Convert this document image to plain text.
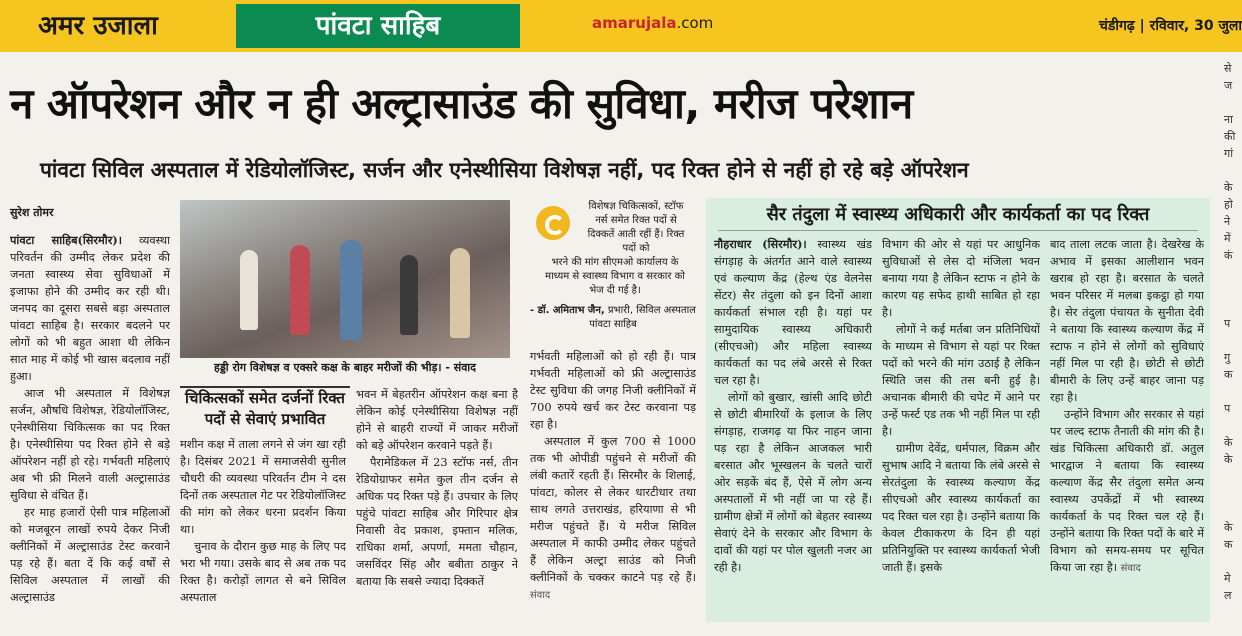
अमर उजाला	पांवटा साहिब	amarujala.com	चंडीगढ़ | रविवार, 30 जुला
न ऑपरेशन और न ही अल्ट्रासाउंड की सुविधा, मरीज परेशान
पांवटा सिविल अस्पताल में रेडियोलॉजिस्ट, सर्जन और एनेस्थीसिया विशेषज्ञ नहीं, पद रिक्त होने से नहीं हो रहे बड़े ऑपरेशन
सुरेश तोमर

पांवटा साहिब(सिरमौर)। व्यवस्था परिवर्तन की उम्मीद लेकर प्रदेश की जनता स्वास्थ्य सेवा सुविधाओं में इजाफा होने की उम्मीद कर रही थी। जनपद का दूसरा सबसे बड़ा अस्पताल पांवटा साहिब है। सरकार बदलने पर लोगों को भी बहुत आशा थी लेकिन सात माह में कोई भी खास बदलाव नहीं हुआ।

आज भी अस्पताल में विशेषज्ञ सर्जन, औषधि विशेषज्ञ, रेडियोलॉजिस्ट, एनेस्थीसिया चिकित्सक का पद रिक्त है। एनेस्थीसिया पद रिक्त होने से बड़े ऑपरेशन नहीं हो रहे। गर्भवती महिलाएं अब भी फ्री मिलने वाली अल्ट्रासाउंड सुविधा से वंचित हैं।

हर माह हजारों ऐसी पात्र महिलाओं को मजबूरन लाखों रुपये देकर निजी क्लीनिकों में अल्ट्रासाउंड टेस्ट करवाने पड़ रहे हैं। बता दें कि कई वर्षों से सिविल अस्पताल में लाखों की अल्ट्रासाउंड

हड्डी रोग विशेषज्ञ व एक्सरे कक्ष के बाहर मरीजों की भीड़। - संवाद
चिकित्सकों समेत दर्जनों रिक्त पदों से सेवाएं प्रभावित

मशीन कक्ष में ताला लगने से जंग खा रही है। दिसंबर 2021 में समाजसेवी सुनील चौधरी की व्यवस्था परिवर्तन टीम ने दस दिनों तक अस्पताल गेट पर रेडियोलॉजिस्ट की मांग को लेकर धरना प्रदर्शन किया था।

चुनाव के दौरान कुछ माह के लिए पद भरा भी गया। उसके बाद से अब तक पद रिक्त है। करोड़ों लागत से बने सिविल अस्पताल

भवन में बेहतरीन ऑपरेशन कक्ष बना है लेकिन कोई एनेस्थीसिया विशेषज्ञ नहीं होने से बाहरी राज्यों में जाकर मरीजों को बड़े ऑपरेशन करवाने पड़ते हैं।

पैरामेडिकल में 23 स्टॉफ नर्स, तीन रेडियोग्राफर समेत कुल तीन दर्जन से अधिक पद रिक्त पड़े हैं। उपचार के लिए पहुंचे पांवटा साहिब और गिरिपार क्षेत्र निवासी वेद प्रकाश, इफ्तान मलिक, राधिका शर्मा, अपर्णा, ममता चौहान, जसविंदर सिंह और बबीता ठाकुर ने बताया कि सबसे ज्यादा दिक्कतें

विशेषज्ञ चिकित्सकों, स्टॉफ नर्स समेत रिक्त पदों से दिक्कतें आती रहीं हैं। रिक्त पदों को
भरने की मांग सीएमओ कार्यालय के माध्यम से स्वास्थ्य विभाग व सरकार को भेज दी गई है।
- डॉ. अमिताभ जैन, प्रभारी, सिविल अस्पताल पांवटा साहिब

गर्भवती महिलाओं को हो रही हैं। पात्र गर्भवती महिलाओं को फ्री अल्ट्रासाउंड टेस्ट सुविधा की जगह निजी क्लीनिकों में 700 रुपये खर्च कर टेस्ट करवाना पड़ रहा है।

अस्पताल में कुल 700 से 1000 तक भी ओपीडी पहुंचने से मरीजों की लंबी कतारें रहती हैं। सिरमौर के शिलाई, पांवटा, कोलर से लेकर धारटीधार तथा साथ लगते उत्तराखंड, हरियाणा से भी मरीज पहुंचते हैं। ये मरीज सिविल अस्पताल में काफी उम्मीद लेकर पहुंचते हैं लेकिन अल्ट्रा साउंड को निजी क्लीनिकों के चक्कर काटने पड़ रहे हैं। संवाद

सैर तंदुला में स्वास्थ्य अधिकारी और कार्यकर्ता का पद रिक्त

नौहराधार (सिरमौर)। स्वास्थ्य खंड संगड़ाह के अंतर्गत आने वाले स्वास्थ्य एवं कल्याण केंद्र (हेल्थ एंड वेलनेस सेंटर) सैर तंदुला को इन दिनों आशा कार्यकर्ता संभाल रही है। यहां पर सामुदायिक स्वास्थ्य अधिकारी (सीएचओ) और महिला स्वास्थ्य कार्यकर्ता का पद लंबे अरसे से रिक्त चल रहा है।

लोगों को बुखार, खांसी आदि छोटी से छोटी बीमारियों के इलाज के लिए संगड़ाह, राजगढ़ या फिर नाहन जाना पड़ रहा है लेकिन आजकल भारी बरसात और भूस्खलन के चलते चारों ओर सड़कें बंद हैं, ऐसे में लोग अन्य अस्पतालों में भी नहीं जा पा रहे हैं। ग्रामीण क्षेत्रों में लोगों को बेहतर स्वास्थ्य सेवाएं देने के सरकार और विभाग के दावों की यहां पर पोल खुलती नजर आ रही है।

विभाग की ओर से यहां पर आधुनिक सुविधाओं से लेस दो मंजिला भवन बनाया गया है लेकिन स्टाफ न होने के कारण यह सफेद हाथी साबित हो रहा है।

लोगों ने कई मर्तबा जन प्रतिनिधियों के माध्यम से विभाग से यहां पर रिक्त पदों को भरने की मांग उठाई है लेकिन स्थिति जस की तस बनी हुई है। अचानक बीमारी की चपेट में आने पर उन्हें फर्स्ट एड तक भी नहीं मिल पा रही है।

ग्रामीण देवेंद्र, धर्मपाल, विक्रम और सुभाष आदि ने बताया कि लंबे अरसे से सेरतंदुला के स्वास्थ्य कल्याण केंद्र सीएचओ और स्वास्थ्य कार्यकर्ता का पद रिक्त चल रहा है। उन्होंने बताया कि केवल टीकाकरण के दिन ही यहां प्रतिनियुक्ति पर स्वास्थ्य कार्यकर्ता भेजी जाती हैं। इसके

बाद ताला लटक जाता है। देखरेख के अभाव में इसका आलीशान भवन खराब हो रहा है। बरसात के चलते भवन परिसर में मलबा इकट्ठा हो गया है। सेर तंदुला पंचायत के सुनीता देवी ने बताया कि स्वास्थ्य कल्याण केंद्र में स्टाफ न होने से लोगों को सुविधाएं नहीं मिल पा रही है। छोटी से छोटी बीमारी के लिए उन्हें बाहर जाना पड़ रहा है।

उन्होंने विभाग और सरकार से यहां पर जल्द स्टाफ तैनाती की मांग की है। खंड चिकित्सा अधिकारी डॉ. अतुल भारद्वाज ने बताया कि स्वास्थ्य कल्याण केंद्र सैर तंदुला समेत अन्य स्वास्थ्य उपकेंद्रों में भी स्वास्थ्य कार्यकर्ता के पद रिक्त चल रहे हैं। उन्होंने बताया कि रिक्त पदों के बारे में विभाग को समय-समय पर सूचित किया जा रहा है। संवाद

से
ज
ना
की
गां
के
हो
ने
में
कं
प
गु
क
प
के
के
के
क
मे
ल
